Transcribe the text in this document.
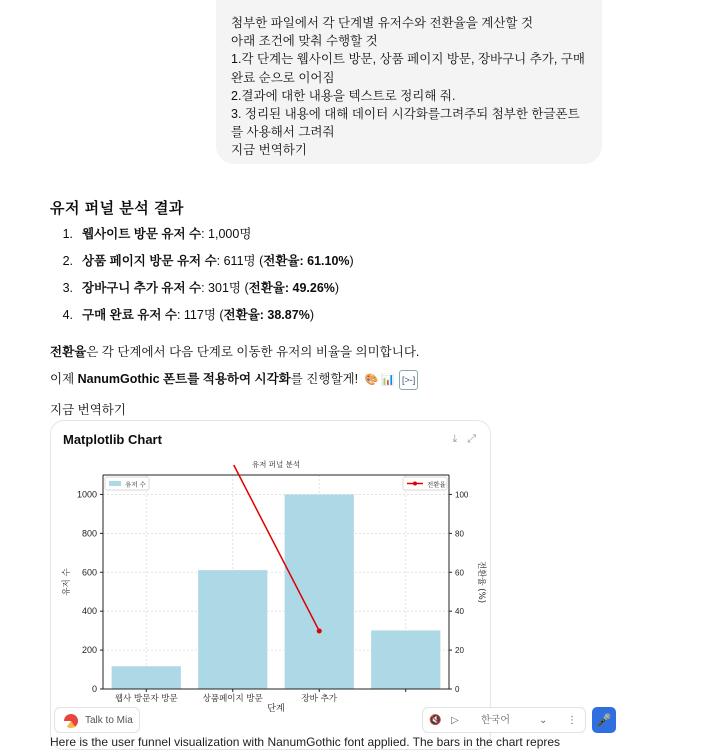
첨부한 파일에서 각 단계별 유저수와 전환율을 계산할 것
아래 조건에 맞춰 수행할 것
1.각 단계는 웹사이트 방문, 상품 페이지 방문, 장바구니 추가, 구매
완료 순으로 이어짐
2.결과에 대한 내용을 텍스트로 정리해 줘.
3. 정리된 내용에 대해 데이터 시각화를그려주되 첨부한 한글폰트
를 사용해서 그려줘
지금 번역하기
유저 퍼널 분석 결과
1. 웹사이트 방문 유저 수: 1,000명
2. 상품 페이지 방문 유저 수: 611명 (전환율: 61.10%)
3. 장바구니 추가 유저 수: 301명 (전환율: 49.26%)
4. 구매 완료 유저 수: 117명 (전환율: 38.87%)
전환율은 각 단계에서 다음 단계로 이동한 유저의 비율을 의미합니다.
이제 NanumGothic 폰트를 적용하여 시각화를 진행할게! 🎨 📊 [>-]
지금 번역하기
Matplotlib Chart	⤓ ⤢
0
200
400
600
800
1000
0
20
40
60
80
100
웹사 방문자 방문	상품페이지 방문	장바 추가
유저 퍼널 분석
단계
유저 수	전환율 (%)
유저 수	전환율
Talk to Mia	🔇 ▷ 한국어	⌄ ⋮	🎤
Here is the user funnel visualization with NanumGothic font applied. The bars in the chart repres
